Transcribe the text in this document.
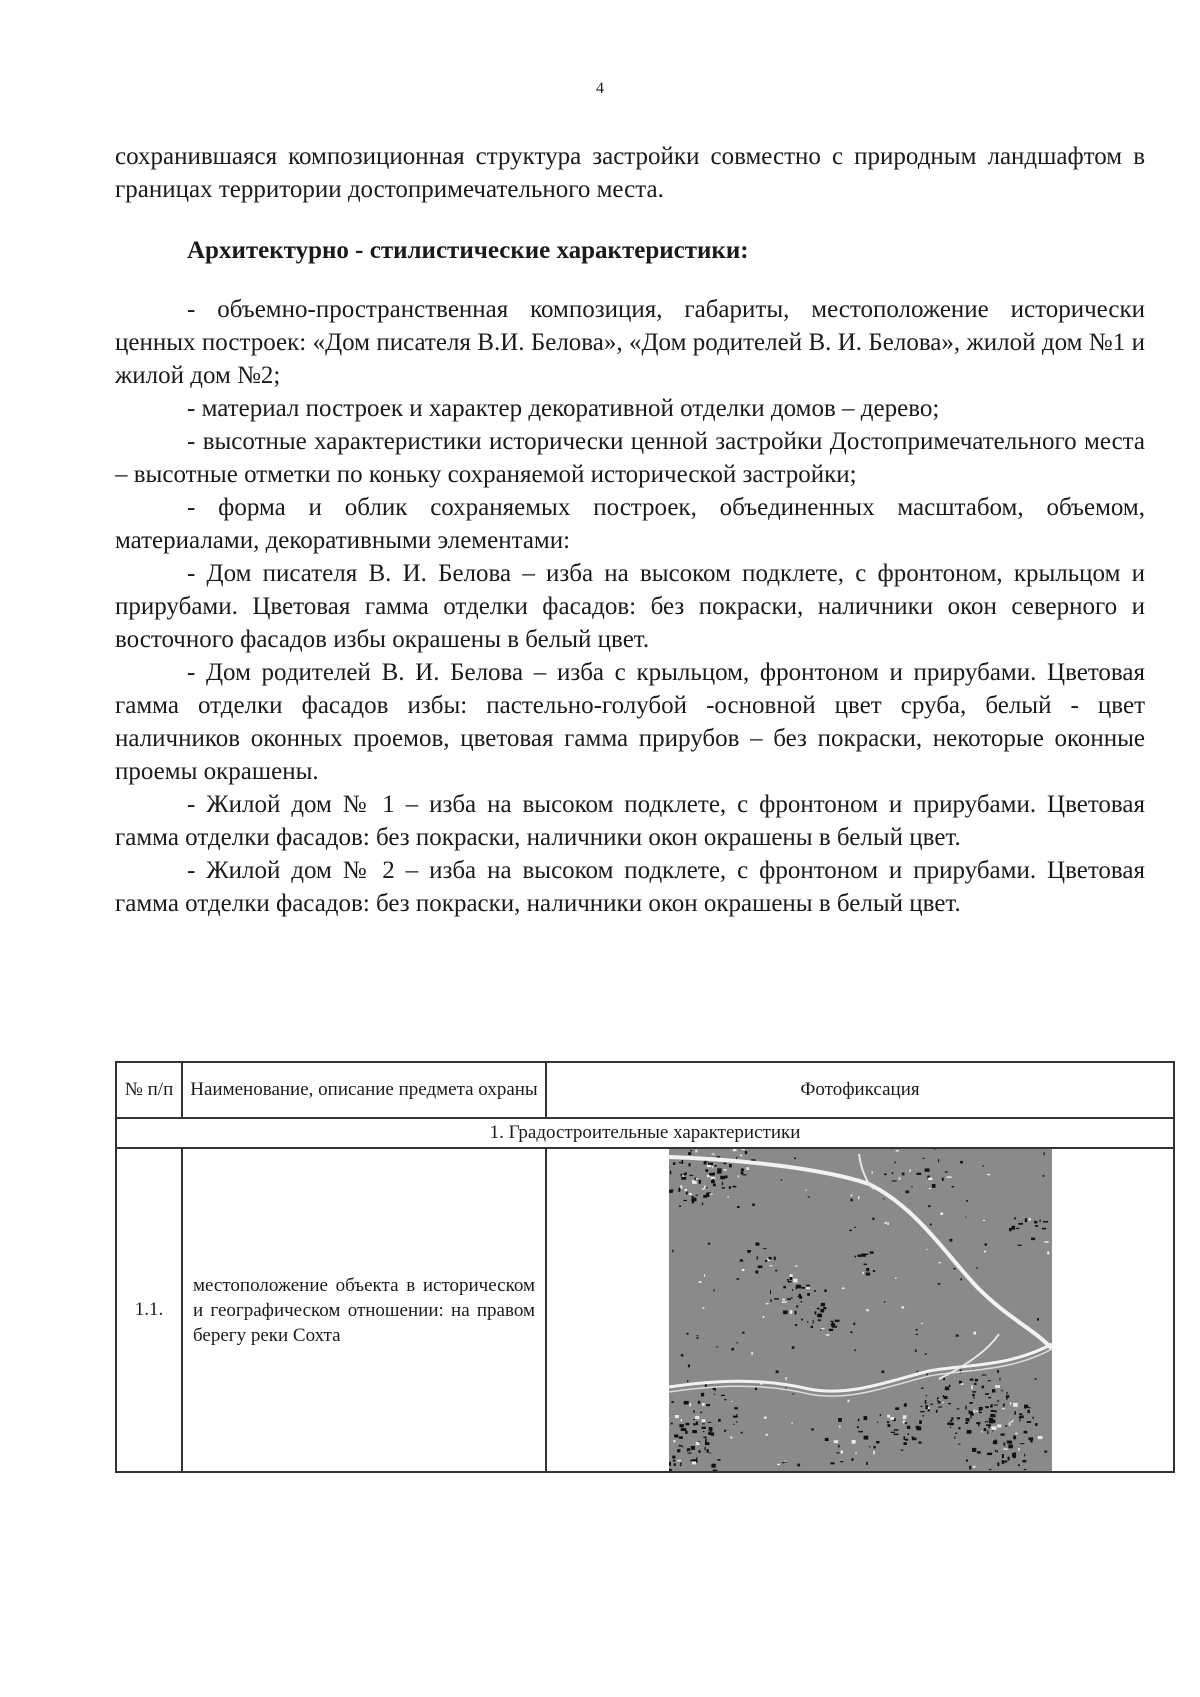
4

сохранившаяся композиционная структура застройки совместно с природным ландшафтом в границах территории достопримечательного места.

Архитектурно - стилистические характеристики:

- объемно-пространственная композиция, габариты, местоположение исторически ценных построек: «Дом писателя В.И. Белова», «Дом родителей В. И. Белова», жилой дом №1 и жилой дом №2;

- материал построек и характер декоративной отделки домов – дерево;

- высотные характеристики исторически ценной застройки Достопримечательного места – высотные отметки по коньку сохраняемой исторической застройки;

- форма и облик сохраняемых построек, объединенных масштабом, объемом, материалами, декоративными элементами:

- Дом писателя В. И. Белова – изба на высоком подклете, с фронтоном, крыльцом и прирубами. Цветовая гамма отделки фасадов: без покраски, наличники окон северного и восточного фасадов избы окрашены в белый цвет.

- Дом родителей В. И. Белова – изба с крыльцом, фронтоном и прирубами. Цветовая гамма отделки фасадов избы: пастельно-голубой -основной цвет сруба, белый - цвет наличников оконных проемов, цветовая гамма прирубов – без покраски, некоторые оконные проемы окрашены.

- Жилой дом № 1 – изба на высоком подклете, с фронтоном и прирубами. Цветовая гамма отделки фасадов: без покраски, наличники окон окрашены в белый цвет.

- Жилой дом № 2 – изба на высоком подклете, с фронтоном и прирубами. Цветовая гамма отделки фасадов: без покраски, наличники окон окрашены в белый цвет.

№ п/п	Наименование, описание предмета охраны	Фотофиксация
1. Градостроительные характеристики		
1.1.	местоположение объекта в историческом и географическом отношении: на правом берегу реки Сохта	
